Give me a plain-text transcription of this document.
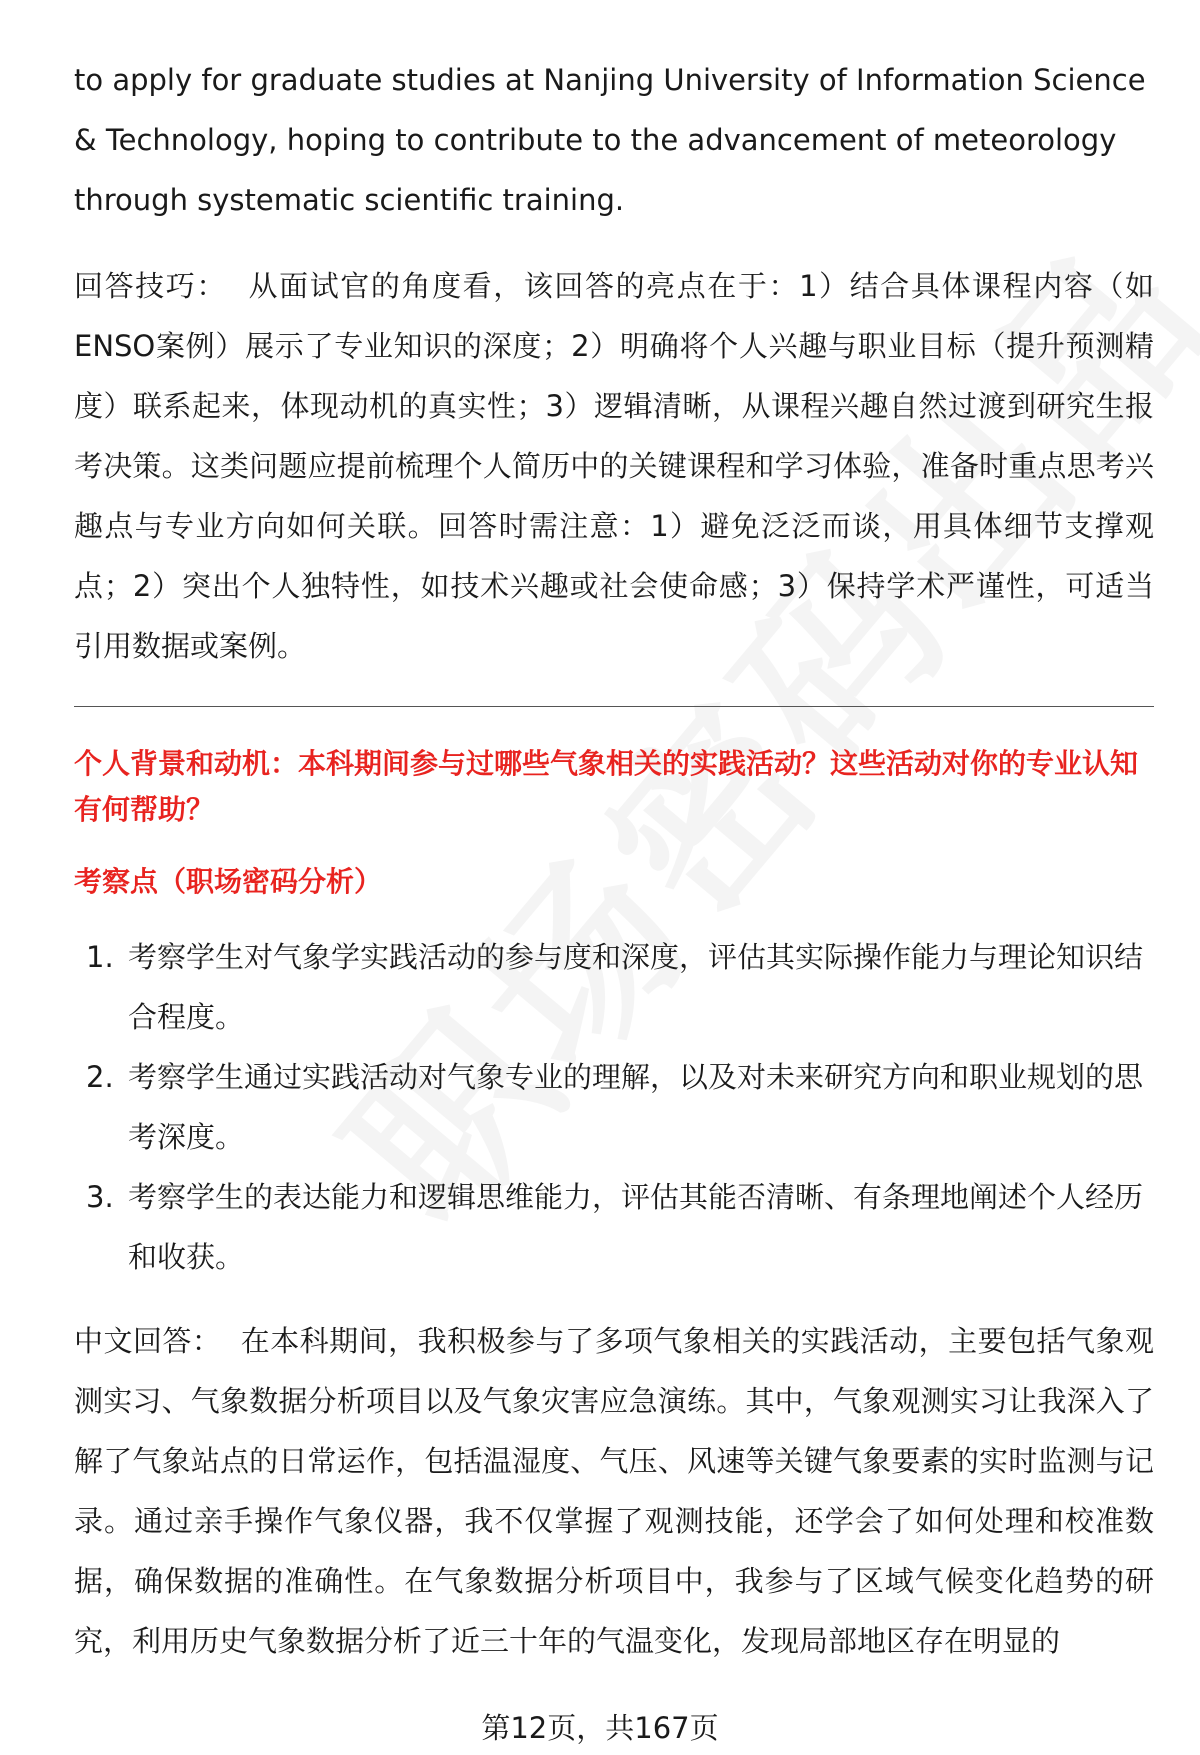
to apply for graduate studies at Nanjing University of Information Science & Technology, hoping to contribute to the advancement of meteorology through systematic scientific training.

回答技巧： 从面试官的角度看，该回答的亮点在于：1）结合具体课程内容（如ENSO案例）展示了专业知识的深度；2）明确将个人兴趣与职业目标（提升预测精度）联系起来，体现动机的真实性；3）逻辑清晰，从课程兴趣自然过渡到研究生报考决策。这类问题应提前梳理个人简历中的关键课程和学习体验，准备时重点思考兴趣点与专业方向如何关联。回答时需注意：1）避免泛泛而谈，用具体细节支撑观点；2）突出个人独特性，如技术兴趣或社会使命感；3）保持学术严谨性，可适当引用数据或案例。

个人背景和动机：本科期间参与过哪些气象相关的实践活动？这些活动对你的专业认知有何帮助？
考察点（职场密码分析）
1. 考察学生对气象学实践活动的参与度和深度，评估其实际操作能力与理论知识结合程度。
2. 考察学生通过实践活动对气象专业的理解，以及对未来研究方向和职业规划的思考深度。
3. 考察学生的表达能力和逻辑思维能力，评估其能否清晰、有条理地阐述个人经历和收获。

中文回答： 在本科期间，我积极参与了多项气象相关的实践活动，主要包括气象观测实习、气象数据分析项目以及气象灾害应急演练。其中，气象观测实习让我深入了解了气象站点的日常运作，包括温湿度、气压、风速等关键气象要素的实时监测与记录。通过亲手操作气象仪器，我不仅掌握了观测技能，还学会了如何处理和校准数据，确保数据的准确性。在气象数据分析项目中，我参与了区域气候变化趋势的研究，利用历史气象数据分析了近三十年的气温变化，发现局部地区存在明显的

第12页，共167页
